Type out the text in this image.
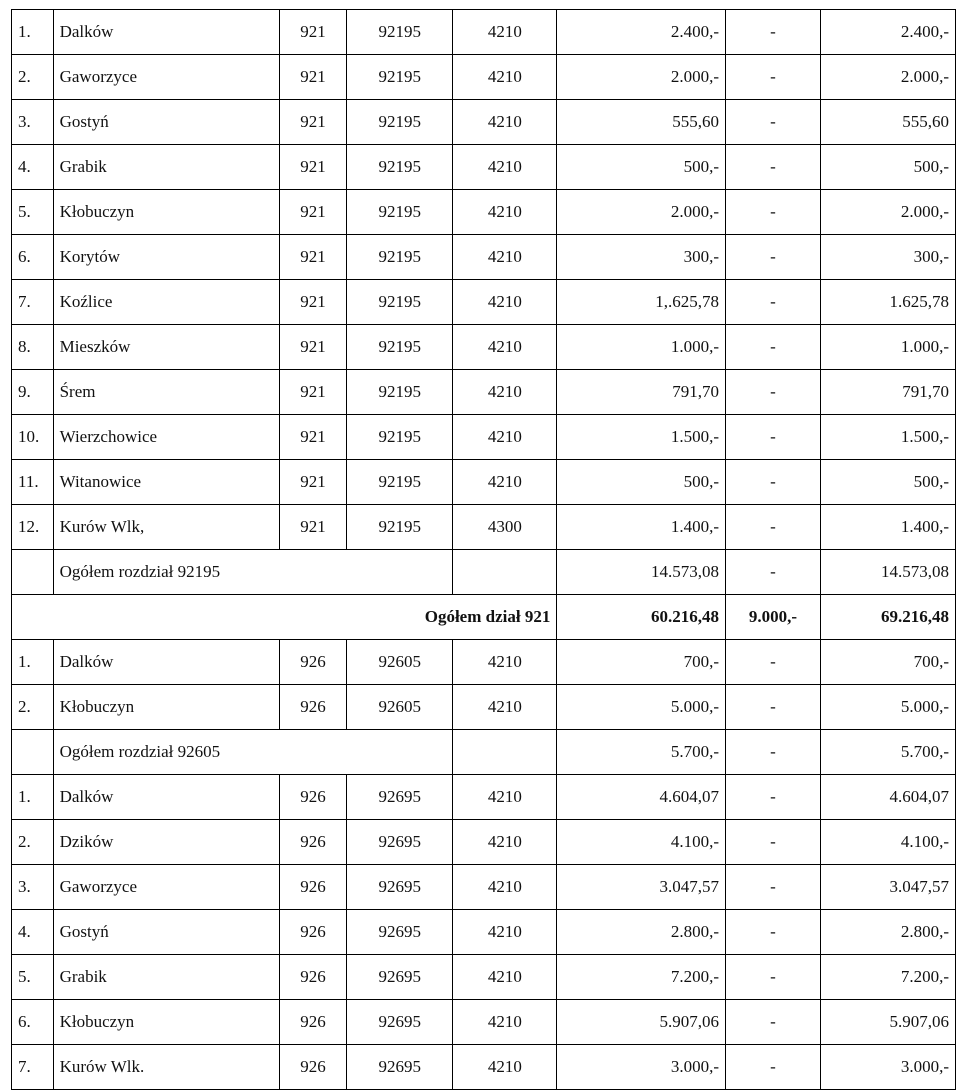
1.	Dalków	921	92195	4210	2.400,-	-	2.400,-
2.	Gaworzyce	921	92195	4210	2.000,-	-	2.000,-
3.	Gostyń	921	92195	4210	555,60	-	555,60
4.	Grabik	921	92195	4210	500,-	-	500,-
5.	Kłobuczyn	921	92195	4210	2.000,-	-	2.000,-
6.	Korytów	921	92195	4210	300,-	-	300,-
7.	Koźlice	921	92195	4210	1,.625,78	-	1.625,78
8.	Mieszków	921	92195	4210	1.000,-	-	1.000,-
9.	Śrem	921	92195	4210	791,70	-	791,70
10.	Wierzchowice	921	92195	4210	1.500,-	-	1.500,-
11.	Witanowice	921	92195	4210	500,-	-	500,-
12.	Kurów Wlk,	921	92195	4300	1.400,-	-	1.400,-
	Ogółem rozdział 92195				14.573,08	-	14.573,08
Ogółem dział 921					60.216,48	9.000,-	69.216,48
1.	Dalków	926	92605	4210	700,-	-	700,-
2.	Kłobuczyn	926	92605	4210	5.000,-	-	5.000,-
	Ogółem rozdział 92605				5.700,-	-	5.700,-
1.	Dalków	926	92695	4210	4.604,07	-	4.604,07
2.	Dzików	926	92695	4210	4.100,-	-	4.100,-
3.	Gaworzyce	926	92695	4210	3.047,57	-	3.047,57
4.	Gostyń	926	92695	4210	2.800,-	-	2.800,-
5.	Grabik	926	92695	4210	7.200,-	-	7.200,-
6.	Kłobuczyn	926	92695	4210	5.907,06	-	5.907,06
7.	Kurów Wlk.	926	92695	4210	3.000,-	-	3.000,-
